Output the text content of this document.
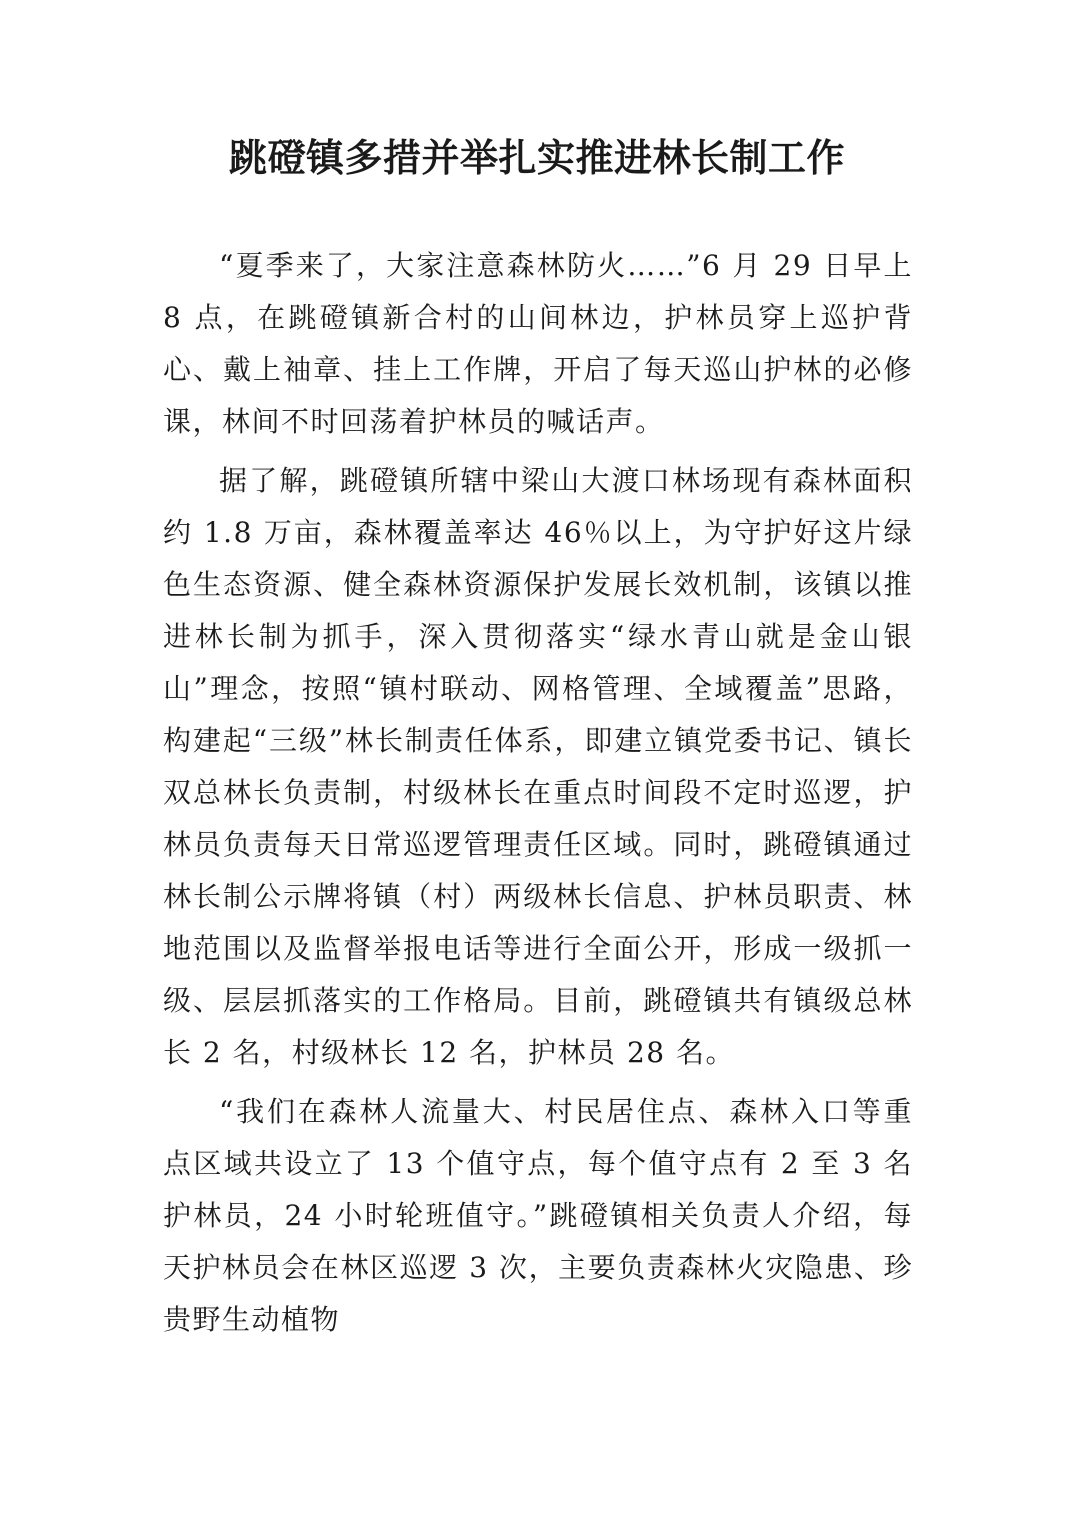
跳磴镇多措并举扎实推进林长制工作

“夏季来了，大家注意森林防火……”6 月 29 日早上 8 点，在跳磴镇新合村的山间林边，护林员穿上巡护背心、戴上袖章、挂上工作牌，开启了每天巡山护林的必修课，林间不时回荡着护林员的喊话声。

据了解，跳磴镇所辖中梁山大渡口林场现有森林面积约 1.8 万亩，森林覆盖率达 46％以上，为守护好这片绿色生态资源、健全森林资源保护发展长效机制，该镇以推进林长制为抓手，深入贯彻落实“绿水青山就是金山银山”理念，按照“镇村联动、网格管理、全域覆盖”思路，构建起“三级”林长制责任体系，即建立镇党委书记、镇长双总林长负责制，村级林长在重点时间段不定时巡逻，护林员负责每天日常巡逻管理责任区域。同时，跳磴镇通过林长制公示牌将镇（村）两级林长信息、护林员职责、林地范围以及监督举报电话等进行全面公开，形成一级抓一级、层层抓落实的工作格局。目前，跳磴镇共有镇级总林长 2 名，村级林长 12 名，护林员 28 名。

“我们在森林人流量大、村民居住点、森林入口等重点区域共设立了 13 个值守点，每个值守点有 2 至 3 名护林员，24 小时轮班值守。”跳磴镇相关负责人介绍，每天护林员会在林区巡逻 3 次，主要负责森林火灾隐患、珍贵野生动植物
